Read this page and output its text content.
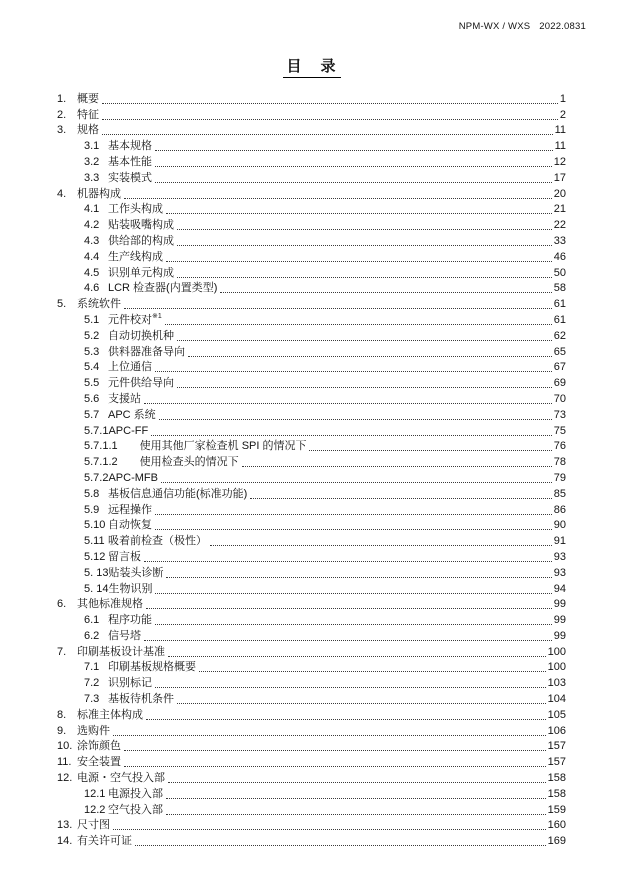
NPM-WX / WXS 2022.0831
目　录
1. 概要	1
2. 特征	2
3. 规格	11
3.1 基本规格	11
3.2 基本性能	12
3.3 实装模式	17
4. 机器构成	20
4.1 工作头构成	21
4.2 贴装吸嘴构成	22
4.3 供给部的构成	33
4.4 生产线构成	46
4.5 识别单元构成	50
4.6 LCR 检查器(内置类型)	58
5. 系统软件	61
5.1 元件校对$^{※1}$	61
5.2 自动切换机种	62
5.3 供料器准备导向	65
5.4 上位通信	67
5.5 元件供给导向	69
5.6 支援站	70
5.7 APC 系统	73
5.7.1 APC-FF	75
5.7.1.1 使用其他厂家检查机 SPI 的情况下	76
5.7.1.2 使用检查头的情况下	78
5.7.2 APC-MFB	79
5.8 基板信息通信功能(标准功能)	85
5.9 远程操作	86
5.10 自动恢复	90
5.11 吸着前检查（极性）	91
5.12 留言板	93
5. 13 贴装头诊断	93
5. 14 生物识别	94
6. 其他标准规格	99
6.1 程序功能	99
6.2 信号塔	99
7. 印刷基板设计基准	100
7.1 印刷基板规格概要	100
7.2 识别标记	103
7.3 基板待机条件	104
8. 标准主体构成	105
9. 选购件	106
10. 涂饰颜色	157
11. 安全装置	157
12. 电源・空气投入部	158
12.1 电源投入部	158
12.2 空气投入部	159
13. 尺寸图	160
14. 有关许可证	169
